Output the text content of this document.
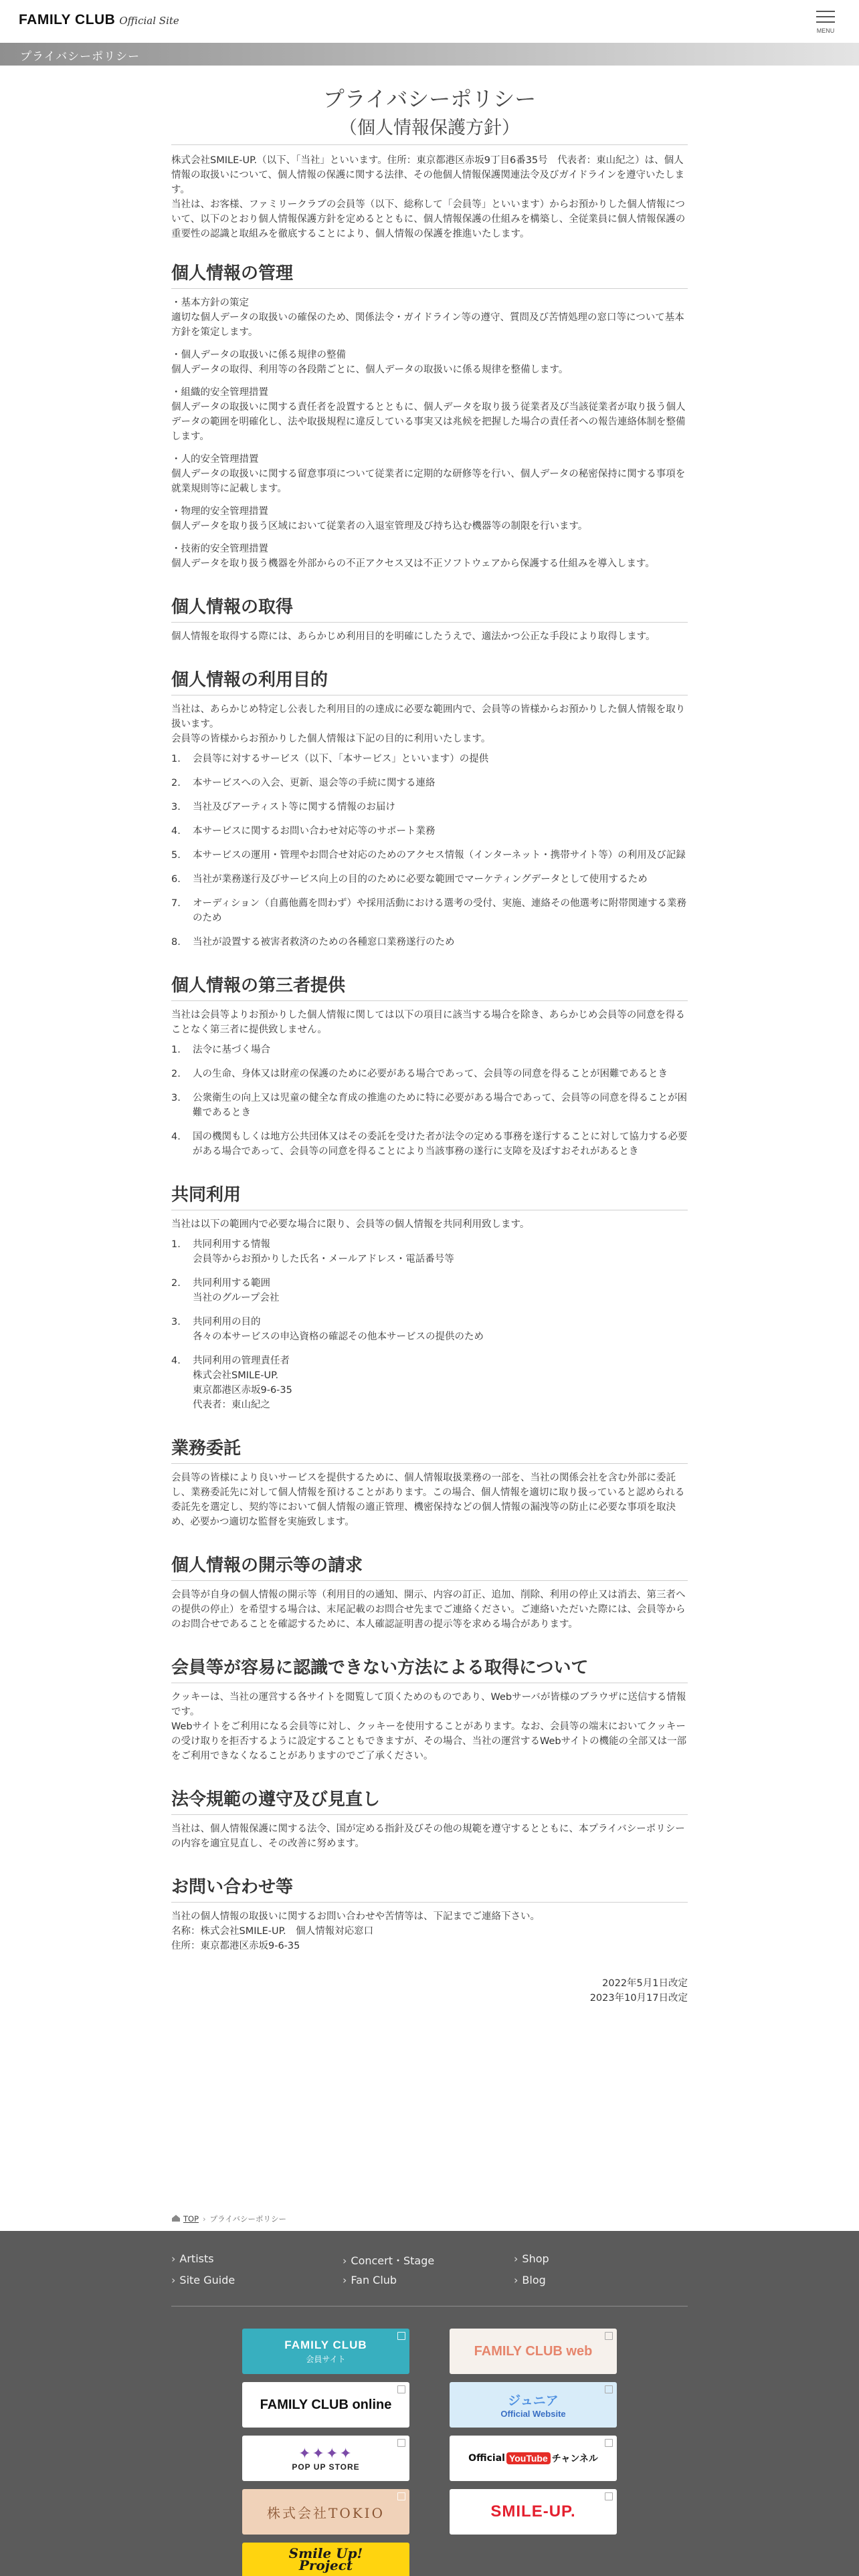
FAMILY CLUB Official Site
MENU
プライバシーポリシー
プライバシーポリシー

（個人情報保護方針）

株式会社SMILE-UP.（以下、「当社」といいます。住所：東京都港区赤坂9丁目6番35号　代表者：東山紀之）は、個人情報の取扱いについて、個人情報の保護に関する法律、その他個人情報保護関連法令及びガイドラインを遵守いたします。

当社は、お客様、ファミリークラブの会員等（以下、総称して「会員等」といいます）からお預かりした個人情報について、以下のとおり個人情報保護方針を定めるとともに、個人情報保護の仕組みを構築し、全従業員に個人情報保護の重要性の認識と取組みを徹底することにより、個人情報の保護を推進いたします。

個人情報の管理

・基本方針の策定

適切な個人データの取扱いの確保のため、関係法令・ガイドライン等の遵守、質問及び苦情処理の窓口等について基本方針を策定します。

・個人データの取扱いに係る規律の整備

個人データの取得、利用等の各段階ごとに、個人データの取扱いに係る規律を整備します。

・組織的安全管理措置

個人データの取扱いに関する責任者を設置するとともに、個人データを取り扱う従業者及び当該従業者が取り扱う個人データの範囲を明確化し、法や取扱規程に違反している事実又は兆候を把握した場合の責任者への報告連絡体制を整備します。

・人的安全管理措置

個人データの取扱いに関する留意事項について従業者に定期的な研修等を行い、個人データの秘密保持に関する事項を就業規則等に記載します。

・物理的安全管理措置

個人データを取り扱う区域において従業者の入退室管理及び持ち込む機器等の制限を行います。

・技術的安全管理措置

個人データを取り扱う機器を外部からの不正アクセス又は不正ソフトウェアから保護する仕組みを導入します。

個人情報の取得

個人情報を取得する際には、あらかじめ利用目的を明確にしたうえで、適法かつ公正な手段により取得します。

個人情報の利用目的

当社は、あらかじめ特定し公表した利用目的の達成に必要な範囲内で、会員等の皆様からお預かりした個人情報を取り扱います。

会員等の皆様からお預かりした個人情報は下記の目的に利用いたします。

1. 会員等に対するサービス（以下、「本サービス」といいます）の提供
2. 本サービスへの入会、更新、退会等の手続に関する連絡
3. 当社及びアーティスト等に関する情報のお届け
4. 本サービスに関するお問い合わせ対応等のサポート業務
5. 本サービスの運用・管理やお問合せ対応のためのアクセス情報（インターネット・携帯サイト等）の利用及び記録
6. 当社が業務遂行及びサービス向上の目的のために必要な範囲でマーケティングデータとして使用するため
7. オーディション（自薦他薦を問わず）や採用活動における選考の受付、実施、連絡その他選考に附帯関連する業務のため
8. 当社が設置する被害者救済のための各種窓口業務遂行のため
個人情報の第三者提供

当社は会員等よりお預かりした個人情報に関しては以下の項目に該当する場合を除き、あらかじめ会員等の同意を得ることなく第三者に提供致しません。

1. 法令に基づく場合
2. 人の生命、身体又は財産の保護のために必要がある場合であって、会員等の同意を得ることが困難であるとき
3. 公衆衛生の向上又は児童の健全な育成の推進のために特に必要がある場合であって、会員等の同意を得ることが困難であるとき
4. 国の機関もしくは地方公共団体又はその委託を受けた者が法令の定める事務を遂行することに対して協力する必要がある場合であって、会員等の同意を得ることにより当該事務の遂行に支障を及ぼすおそれがあるとき
共同利用

当社は以下の範囲内で必要な場合に限り、会員等の個人情報を共同利用致します。

1. 共同利用する情報
会員等からお預かりした氏名・メールアドレス・電話番号等
2. 共同利用する範囲
当社のグループ会社
3. 共同利用の目的
各々の本サービスの申込資格の確認その他本サービスの提供のため
4. 共同利用の管理責任者
株式会社SMILE-UP.
東京都港区赤坂9-6-35
代表者：東山紀之
業務委託

会員等の皆様により良いサービスを提供するために、個人情報取扱業務の一部を、当社の関係会社を含む外部に委託し、業務委託先に対して個人情報を預けることがあります。この場合、個人情報を適切に取り扱っていると認められる委託先を選定し、契約等において個人情報の適正管理、機密保持などの個人情報の漏洩等の防止に必要な事項を取決め、必要かつ適切な監督を実施致します。

個人情報の開示等の請求

会員等が自身の個人情報の開示等（利用目的の通知、開示、内容の訂正、追加、削除、利用の停止又は消去、第三者への提供の停止）を希望する場合は、末尾記載のお問合せ先までご連絡ください。ご連絡いただいた際には、会員等からのお問合せであることを確認するために、本人確認証明書の提示等を求める場合があります。

会員等が容易に認識できない方法による取得について

クッキーは、当社の運営する各サイトを閲覧して頂くためのものであり、Webサーバが皆様のブラウザに送信する情報です。

Webサイトをご利用になる会員等に対し、クッキーを使用することがあります。なお、会員等の端末においてクッキーの受け取りを拒否するように設定することもできますが、その場合、当社の運営するWebサイトの機能の全部又は一部をご利用できなくなることがありますのでご了承ください。

法令規範の遵守及び見直し

当社は、個人情報保護に関する法令、国が定める指針及びその他の規範を遵守するとともに、本プライバシーポリシーの内容を適宜見直し、その改善に努めます。

お問い合わせ等

当社の個人情報の取扱いに関するお問い合わせや苦情等は、下記までご連絡下さい。

名称：株式会社SMILE-UP.　個人情報対応窓口

住所：東京都港区赤坂9-6-35

2022年5月1日改定
2023年10月17日改定
TOP › プライバシーポリシー
› Artists	› Concert・Stage	› Shop
› Site Guide	› Fan Club	› Blog
FAMILY CLUB
会員サイト
FAMILY CLUB web
FAMILY CLUB online	ジュニア
Official Website
✦✦✦✦
POP UP STORE
Official YouTube チャンネル
株式会社TOKIO	SMILE-UP.
Smile Up!
Project
